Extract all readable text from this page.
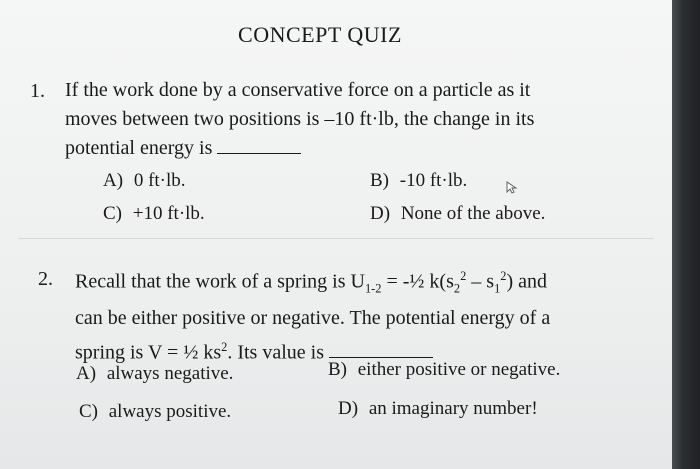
CONCEPT QUIZ
1. If the work done by a conservative force on a particle as it
moves between two positions is –10 ft·lb, the change in its
potential energy is
A) 0 ft·lb.	B) -10 ft·lb.
C) +10 ft·lb.	D) None of the above.
2. Recall that the work of a spring is $U_{1-2}$ = -½ $k(s_2^2 - s_1^2)$ and
can be either positive or negative. The potential energy of a
spring is V = ½ $ks^2$. Its value is
A) always negative.	B) either positive or negative.
C) always positive.	D) an imaginary number!
